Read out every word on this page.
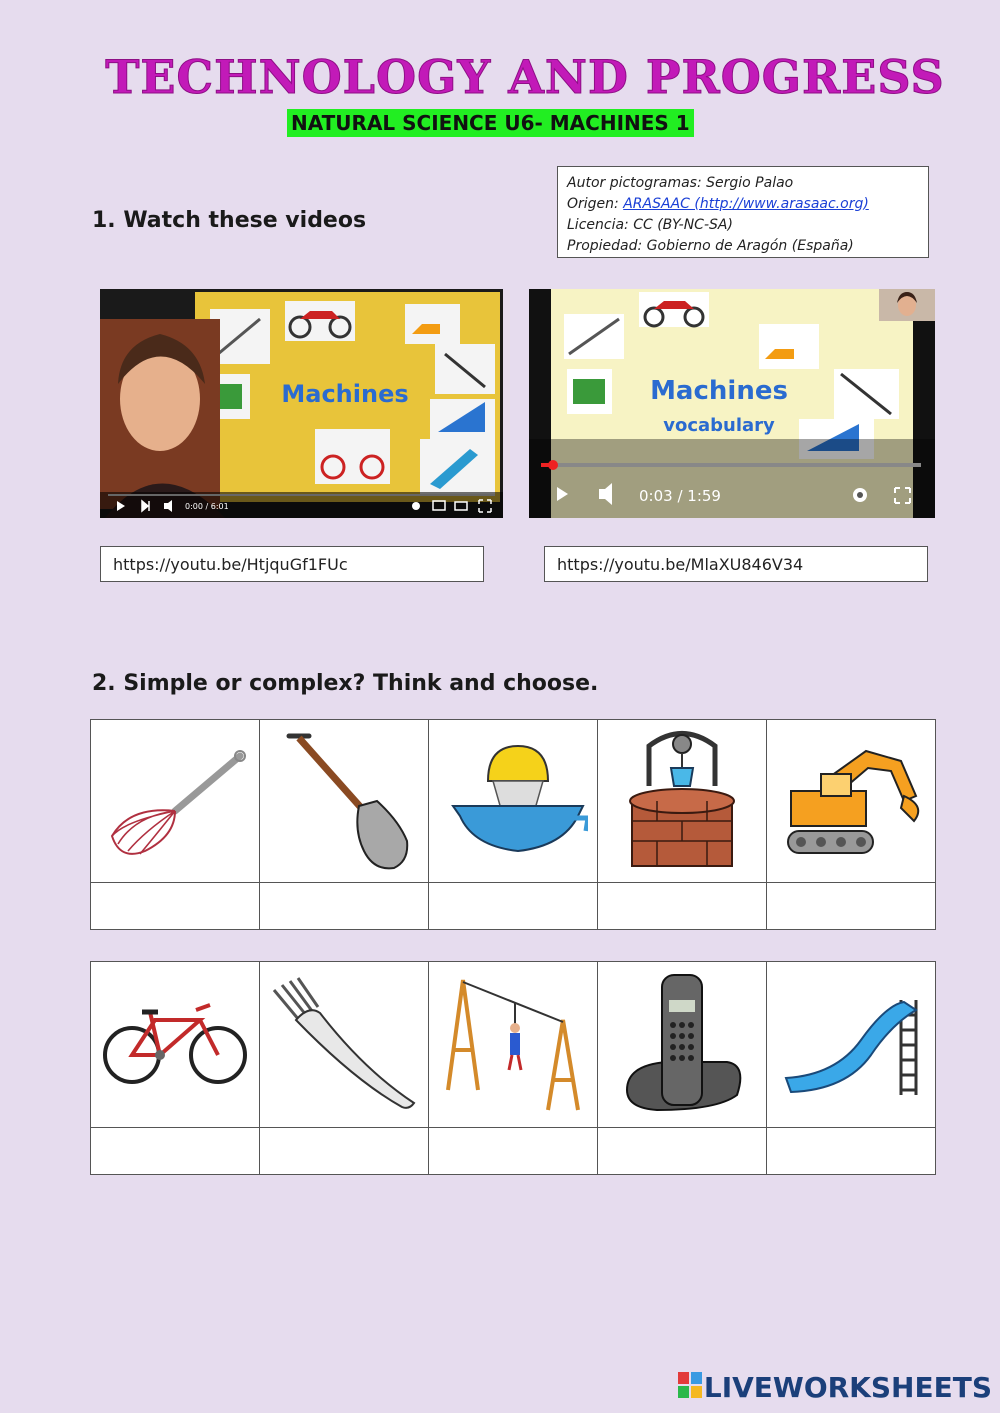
TECHNOLOGY AND PROGRESS
NATURAL SCIENCE U6- MACHINES 1
1. Watch these videos
Autor pictogramas: Sergio Palao
Origen: ARASAAC (http://www.arasaac.org)
Licencia: CC (BY-NC-SA)
Propiedad: Gobierno de Aragón (España)
Machines
0:00 / 6:01
Machines
vocabulary
0:03 / 1:59
https://youtu.be/HtjquGf1FUc	https://youtu.be/MlaXU846V34
2. Simple or complex? Think and choose.

LIVEWORKSHEETS
